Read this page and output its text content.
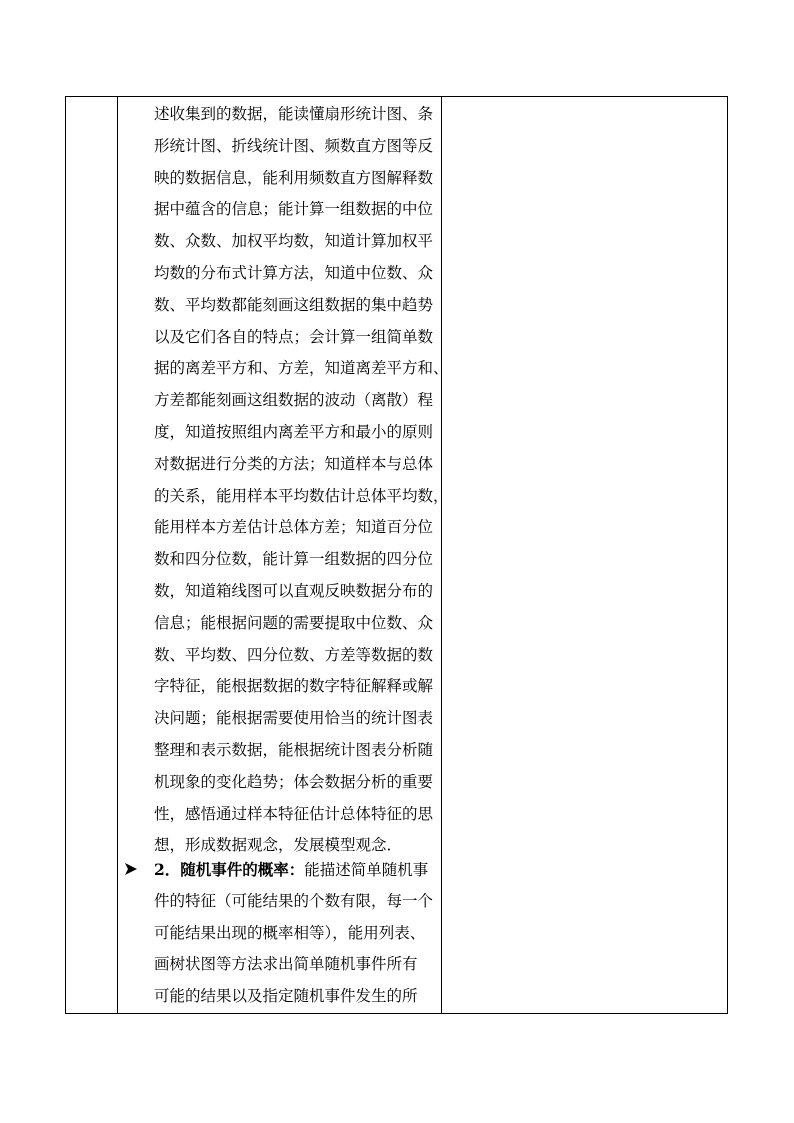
述收集到的数据，能读懂扇形统计图、条
形统计图、折线统计图、频数直方图等反
映的数据信息，能利用频数直方图解释数
据中蕴含的信息；能计算一组数据的中位
数、众数、加权平均数，知道计算加权平
均数的分布式计算方法，知道中位数、众
数、平均数都能刻画这组数据的集中趋势
以及它们各自的特点；会计算一组简单数
据的离差平方和、方差，知道离差平方和、
方差都能刻画这组数据的波动（离散）程
度，知道按照组内离差平方和最小的原则
对数据进行分类的方法；知道样本与总体
的关系，能用样本平均数估计总体平均数，
能用样本方差估计总体方差；知道百分位
数和四分位数，能计算一组数据的四分位
数，知道箱线图可以直观反映数据分布的
信息；能根据问题的需要提取中位数、众
数、平均数、四分位数、方差等数据的数
字特征，能根据数据的数字特征解释或解
决问题；能根据需要使用恰当的统计图表
整理和表示数据，能根据统计图表分析随
机现象的变化趋势；体会数据分析的重要
性，感悟通过样本特征估计总体特征的思
想，形成数据观念，发展模型观念．
2．随机事件的概率：能描述简单随机事
件的特征（可能结果的个数有限，每一个
可能结果出现的概率相等），能用列表、
画树状图等方法求出简单随机事件所有
可能的结果以及指定随机事件发生的所
